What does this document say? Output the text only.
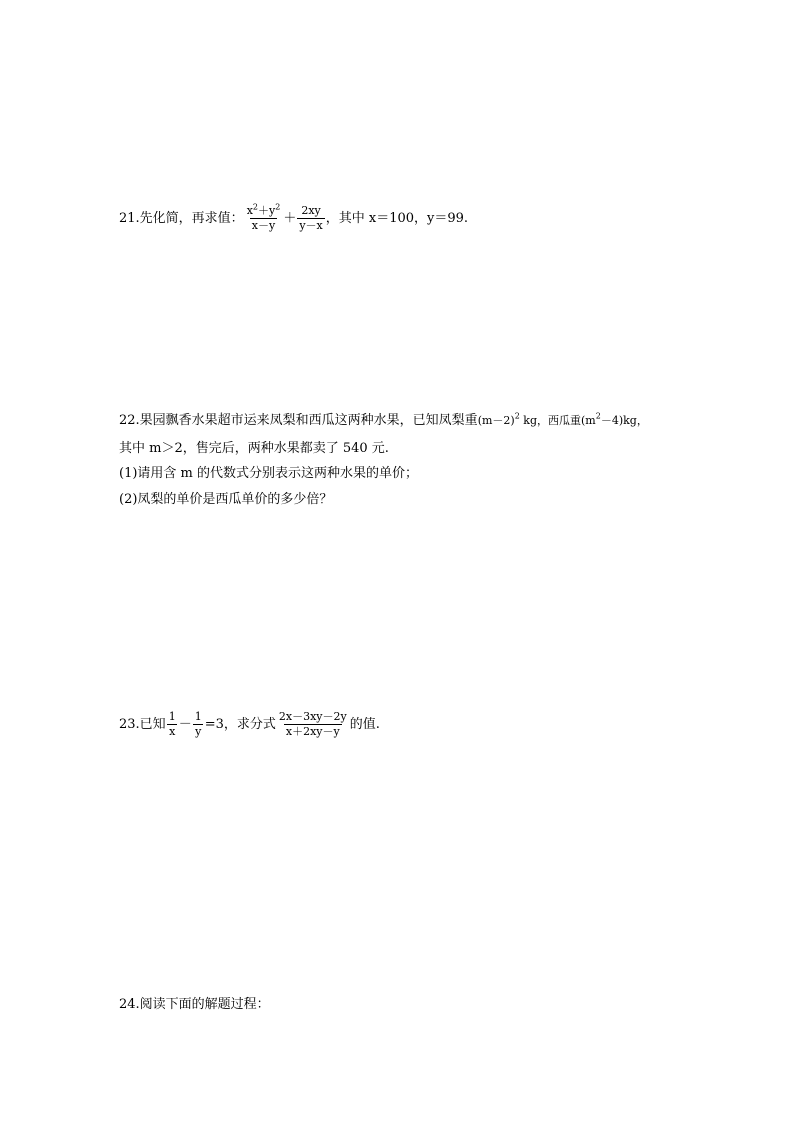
21.先化简，再求值： $\frac{x^2+y^2}{x-y} + \frac{2xy}{y-x}$ ，其中 x＝100，y＝99.
22.果园飘香水果超市运来凤梨和西瓜这两种水果，已知凤梨重$(m-2)^2$ kg，西瓜重$(m^2-4)kg$，
其中 m＞2，售完后，两种水果都卖了 540 元.
(1)请用含 m 的代数式分别表示这两种水果的单价；
(2)凤梨的单价是西瓜单价的多少倍？
23.已知 $\frac{1}{x} - \frac{1}{y} =3$，求分式 $\frac{2x-3xy-2y}{x+2xy-y}$ 的值.
24.阅读下面的解题过程：
